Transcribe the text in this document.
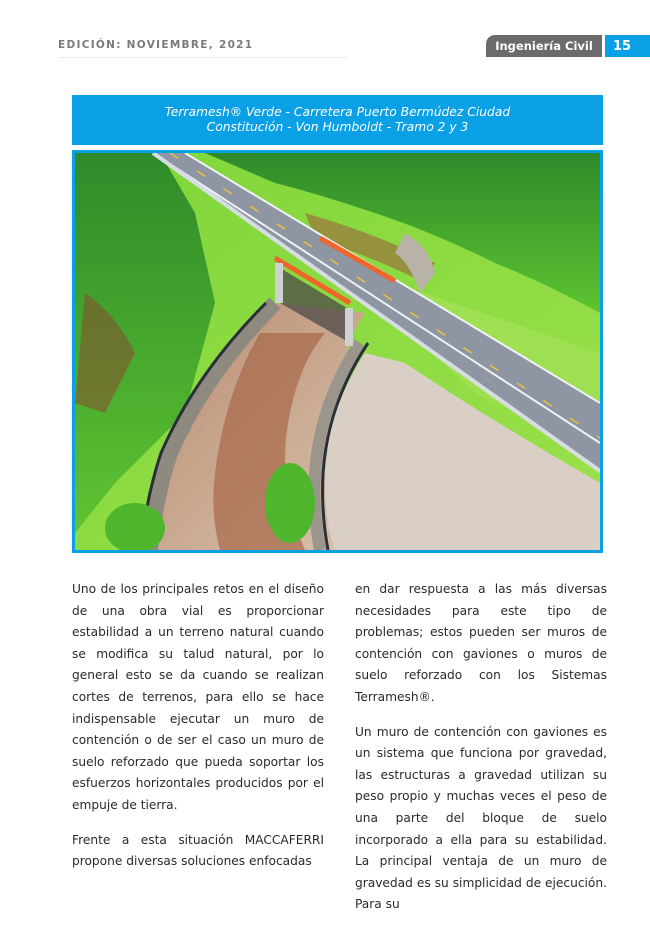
EDICIÓN: NOVIEMBRE, 2021	Ingeniería Civil	15
Terramesh® Verde - Carretera Puerto Bermúdez Ciudad
Constitución - Von Humboldt - Tramo 2 y 3

Uno de los principales retos en el diseño de una obra vial es proporcionar estabilidad a un terreno natural cuando se modifica su talud natural, por lo general esto se da cuando se realizan cortes de terrenos, para ello se hace indispensable ejecutar un muro de contención o de ser el caso un muro de suelo reforzado que pueda soportar los esfuerzos horizontales producidos por el empuje de tierra.

Frente a esta situación MACCAFERRI propone diversas soluciones enfocadas

en dar respuesta a las más diversas necesidades para este tipo de problemas; estos pueden ser muros de contención con gaviones o muros de suelo reforzado con los Sistemas Terramesh®.

Un muro de contención con gaviones es un sistema que funciona por gravedad, las estructuras a gravedad utilizan su peso propio y muchas veces el peso de una parte del bloque de suelo incorporado a ella para su estabilidad. La principal ventaja de un muro de gravedad es su simplicidad de ejecución. Para su
